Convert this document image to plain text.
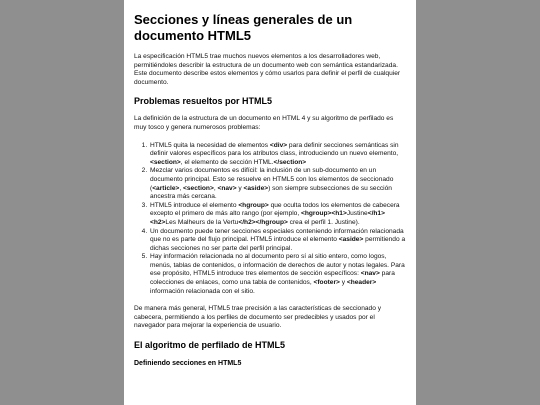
Secciones y líneas generales de un documento HTML5

La especificación HTML5 trae muchos nuevos elementos a los desarrolladores web, permitiéndoles describir la estructura de un documento web con semántica estandarizada. Este documento describe estos elementos y cómo usarlos para definir el perfil de cualquier documento.

Problemas resueltos por HTML5

La definición de la estructura de un documento en HTML 4 y su algoritmo de perfilado es muy tosco y genera numerosos problemas:

1. HTML5 quita la necesidad de elementos <div> para definir secciones semánticas sin definir valores específicos para los atributos class, introduciendo un nuevo elemento, <section>, el elemento de sección HTML.</section>
2. Mezclar varios documentos es difícil: la inclusión de un sub-documento en un documento principal. Esto se resuelve en HTML5 con los elementos de seccionado (<article>, <section>, <nav> y <aside>) son siempre subsecciones de su sección ancestra más cercana.
3. HTML5 introduce el elemento <hgroup> que oculta todos los elementos de cabecera excepto el primero de más alto rango (por ejemplo, <hgroup><h1>Justine</h1><h2>Les Malheurs de la Vertu</h2></hgroup> crea el perfil 1. Justine).
4. Un documento puede tener secciones especiales conteniendo información relacionada que no es parte del flujo principal. HTML5 introduce el elemento <aside> permitiendo a dichas secciones no ser parte del perfil principal.
5. Hay información relacionada no al documento pero sí al sitio entero, como logos, menús, tablas de contenidos, o información de derechos de autor y notas legales. Para ese propósito, HTML5 introduce tres elementos de sección específicos: <nav> para colecciones de enlaces, como una tabla de contenidos, <footer> y <header> información relacionada con el sitio.

De manera más general, HTML5 trae precisión a las características de seccionado y cabecera, permitiendo a los perfiles de documento ser predecibles y usados por el navegador para mejorar la experiencia de usuario.

El algoritmo de perfilado de HTML5
Definiendo secciones en HTML5
